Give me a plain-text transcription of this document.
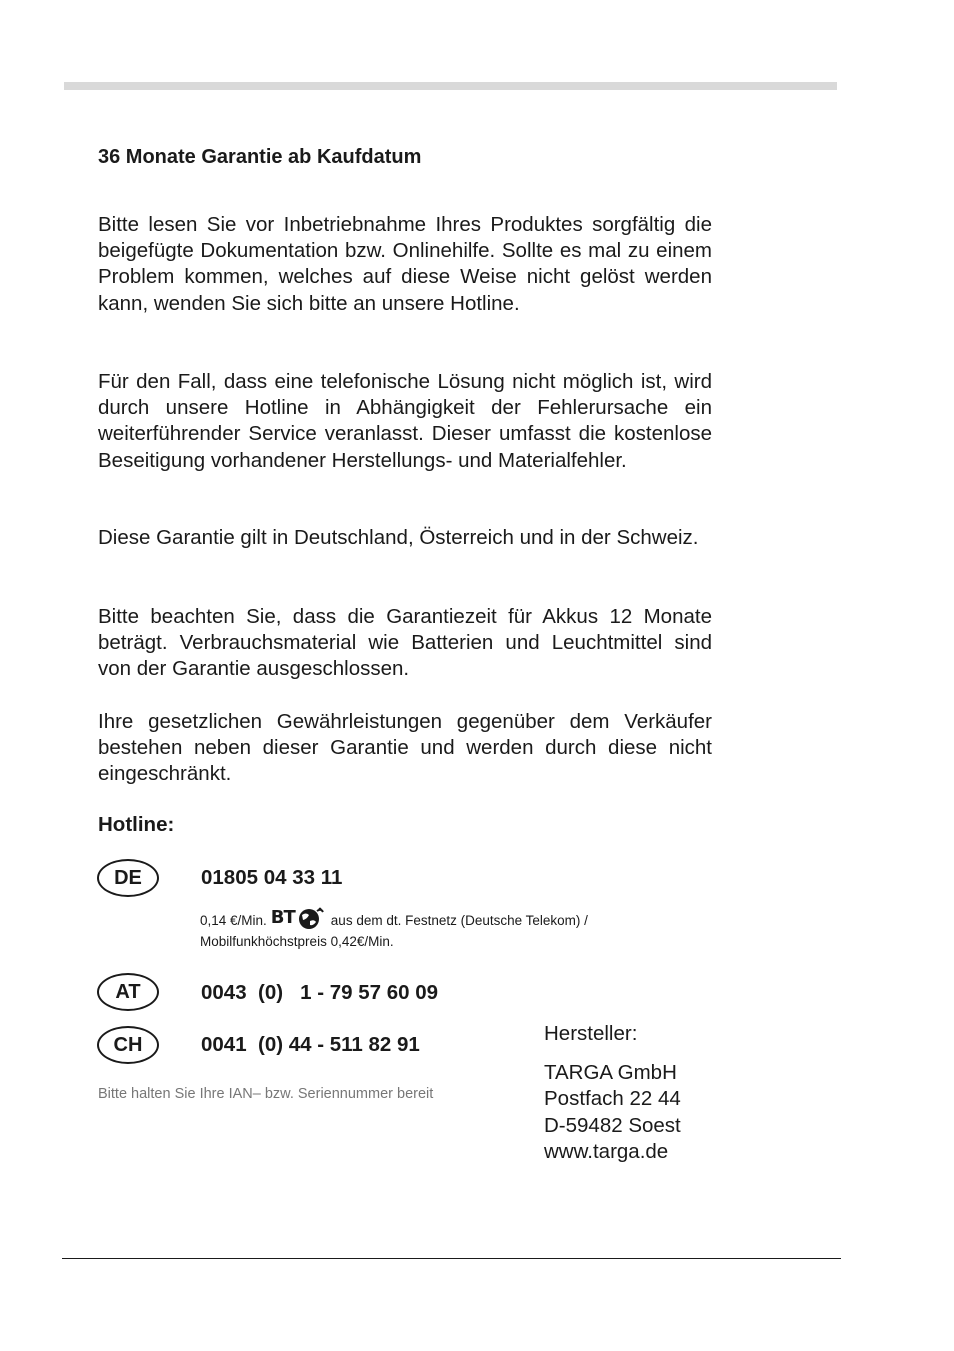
36 Monate Garantie ab Kaufdatum

Bitte lesen Sie vor Inbetriebnahme Ihres Produktes sorgfältig die beigefügte Dokumentation bzw. Onlinehilfe. Sollte es mal zu einem Problem kommen, welches auf diese Weise nicht gelöst werden kann, wenden Sie sich bitte an unsere Hotline.

Für den Fall, dass eine telefonische Lösung nicht möglich ist, wird durch unsere Hotline in Abhängigkeit der Fehlerursache ein weiterführender Service veranlasst. Dieser umfasst die kostenlose Beseitigung vorhandener Herstellungs- und Materialfehler.

Diese Garantie gilt in Deutschland, Österreich und in der Schweiz.

Bitte beachten Sie, dass die Garantiezeit für Akkus 12 Monate beträgt. Verbrauchsmaterial wie Batterien und Leuchtmittel sind von der Garantie ausgeschlossen.

Ihre gesetzlichen Gewährleistungen gegenüber dem Verkäufer bestehen neben dieser Garantie und werden durch diese nicht eingeschränkt.

Hotline:
DE	01805 04 33 11
0,14 €/Min. BT	aus dem dt. Festnetz (Deutsche Telekom) /
Mobilfunkhöchstpreis 0,42€/Min.
AT	0043  (0)   1 - 79 57 60 09
CH	0041  (0) 44 - 511 82 91
Bitte halten Sie Ihre IAN– bzw. Seriennummer bereit
Hersteller:
TARGA GmbH
Postfach 22 44
D-59482 Soest
www.targa.de
